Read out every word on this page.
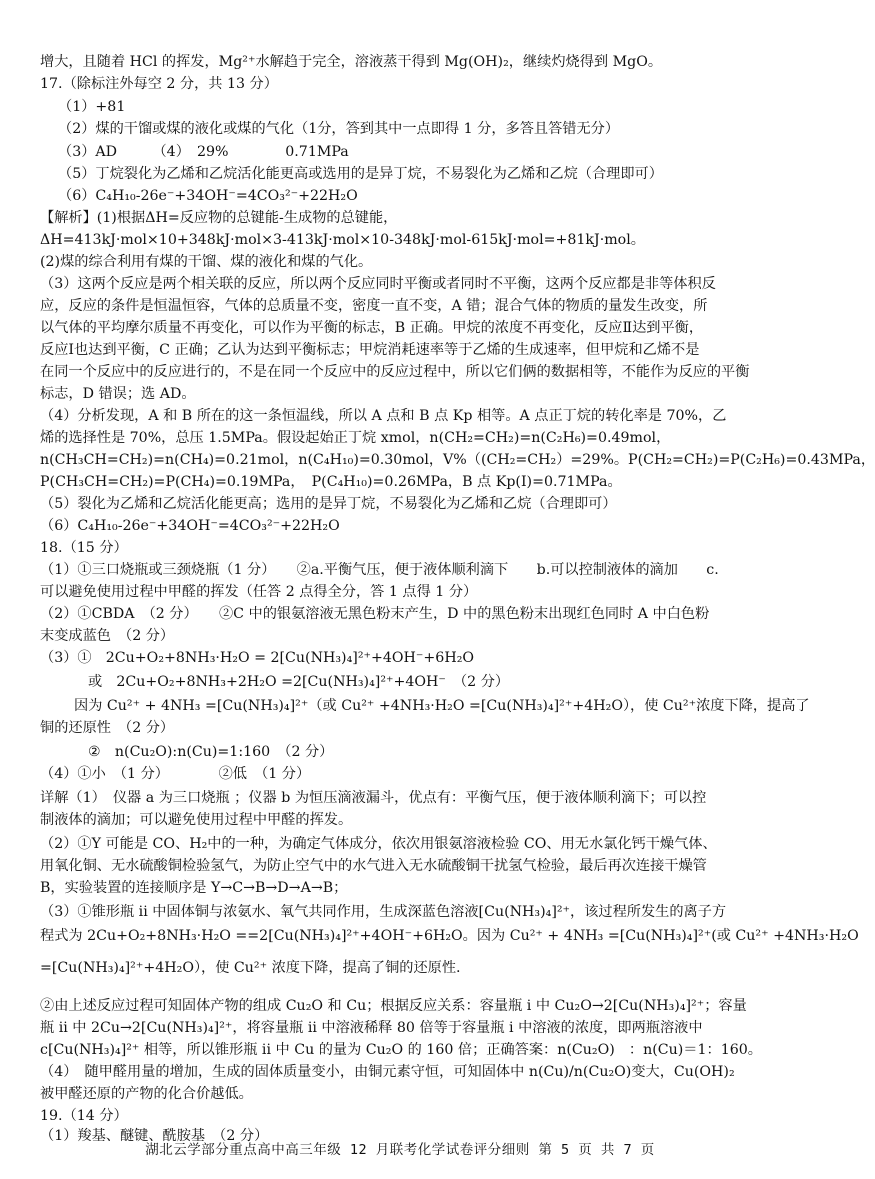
增大，且随着 HCl 的挥发，Mg²⁺水解趋于完全，溶液蒸干得到 Mg(OH)₂，继续灼烧得到 MgO。
17.（除标注外每空 2 分，共 13 分）
（1）+81
（2）煤的干馏或煤的液化或煤的气化（1分，答到其中一点即得 1 分，多答且答错无分）
（3）AD　　　（4）　29%　　　　0.71MPa
（5）丁烷裂化为乙烯和乙烷活化能更高或选用的是异丁烷，不易裂化为乙烯和乙烷（合理即可）
（6）C₄H₁₀-26e⁻+34OH⁻=4CO₃²⁻+22H₂O
【解析】(1)根据ΔH=反应物的总键能-生成物的总键能，
ΔH=413kJ·mol×10+348kJ·mol×3-413kJ·mol×10-348kJ·mol-615kJ·mol=+81kJ·mol。
(2)煤的综合利用有煤的干馏、煤的液化和煤的气化。
（3）这两个反应是两个相关联的反应，所以两个反应同时平衡或者同时不平衡，这两个反应都是非等体积反
应，反应的条件是恒温恒容，气体的总质量不变，密度一直不变，A 错；混合气体的物质的量发生改变，所
以气体的平均摩尔质量不再变化，可以作为平衡的标志，B 正确。甲烷的浓度不再变化，反应Ⅱ达到平衡，
反应Ⅰ也达到平衡，C 正确；乙认为达到平衡标志；甲烷消耗速率等于乙烯的生成速率，但甲烷和乙烯不是
在同一个反应中的反应进行的，不是在同一个反应中的反应过程中，所以它们俩的数据相等，不能作为反应的平衡
标志，D 错误；选 AD。
（4）分析发现，A 和 B 所在的这一条恒温线，所以 A 点和 B 点 Kp 相等。A 点正丁烷的转化率是 70%，乙
烯的选择性是 70%，总压 1.5MPa。假设起始正丁烷 xmol，n(CH₂=CH₂)=n(C₂H₆)=0.49mol，
n(CH₃CH=CH₂)=n(CH₄)=0.21mol，n(C₄H₁₀)=0.30mol，V%（(CH₂=CH₂）=29%。P(CH₂=CH₂)=P(C₂H₆)=0.43MPa，
P(CH₃CH=CH₂)=P(CH₄)=0.19MPa，　P(C₄H₁₀)=0.26MPa，B 点 Kp(Ⅰ)=0.71MPa。
（5）裂化为乙烯和乙烷活化能更高；选用的是异丁烷，不易裂化为乙烯和乙烷（合理即可）
（6）C₄H₁₀-26e⁻+34OH⁻=4CO₃²⁻+22H₂O
18.（15 分）
（1）①三口烧瓶或三颈烧瓶（1 分）　　②a.平衡气压，便于液体顺利滴下　　b.可以控制液体的滴加　　c.
可以避免使用过程中甲醛的挥发（任答 2 点得全分，答 1 点得 1 分）
（2）①CBDA　（2 分）　　②C 中的银氨溶液无黑色粉末产生，D 中的黑色粉末出现红色同时 A 中白色粉
末变成蓝色　（2 分）
（3）①　2Cu+O₂+8NH₃·H₂O = 2[Cu(NH₃)₄]²⁺+4OH⁻+6H₂O
或　2Cu+O₂+8NH₃+2H₂O =2[Cu(NH₃)₄]²⁺+4OH⁻　（2 分）
因为 Cu²⁺ + 4NH₃ =[Cu(NH₃)₄]²⁺（或 Cu²⁺ +4NH₃·H₂O =[Cu(NH₃)₄]²⁺+4H₂O），使 Cu²⁺浓度下降，提高了
铜的还原性　（2 分）
②　n(Cu₂O):n(Cu)=1:160　（2 分）
（4）①小　（1 分）　　　　②低　（1 分）
详解（1）　仪器 a 为三口烧瓶 ；仪器 b 为恒压滴液漏斗，优点有：平衡气压，便于液体顺利滴下；可以控
制液体的滴加；可以避免使用过程中甲醛的挥发。
（2）①Y 可能是 CO、H₂中的一种，为确定气体成分，依次用银氨溶液检验 CO、用无水氯化钙干燥气体、
用氧化铜、无水硫酸铜检验氢气，为防止空气中的水气进入无水硫酸铜干扰氢气检验，最后再次连接干燥管
B，实验装置的连接顺序是 Y→C→B→D→A→B；
（3）①锥形瓶 ii 中固体铜与浓氨水、氧气共同作用，生成深蓝色溶液[Cu(NH₃)₄]²⁺，该过程所发生的离子方
程式为 2Cu+O₂+8NH₃·H₂O ==2[Cu(NH₃)₄]²⁺+4OH⁻+6H₂O。因为 Cu²⁺ + 4NH₃ =[Cu(NH₃)₄]²⁺(或 Cu²⁺ +4NH₃·H₂O
=[Cu(NH₃)₄]²⁺+4H₂O），使 Cu²⁺ 浓度下降，提高了铜的还原性.
②由上述反应过程可知固体产物的组成 Cu₂O 和 Cu；根据反应关系：容量瓶 i 中 Cu₂O→2[Cu(NH₃)₄]²⁺；容量
瓶 ii 中 2Cu→2[Cu(NH₃)₄]²⁺，将容量瓶 ii 中溶液稀释 80 倍等于容量瓶 i 中溶液的浓度，即两瓶溶液中
c[Cu(NH₃)₄]²⁺ 相等，所以锥形瓶 ii 中 Cu 的量为 Cu₂O 的 160 倍；正确答案：n(Cu₂O)　：n(Cu)＝1：160。
（4）　随甲醛用量的增加，生成的固体质量变小，由铜元素守恒，可知固体中 n(Cu)/n(Cu₂O)变大，Cu(OH)₂
被甲醛还原的产物的化合价越低。
19.（14 分）
（1）羧基、醚键、酰胺基　（2 分）
湖北云学部分重点高中高三年级 12 月联考化学试卷评分细则 第 5 页 共 7 页
